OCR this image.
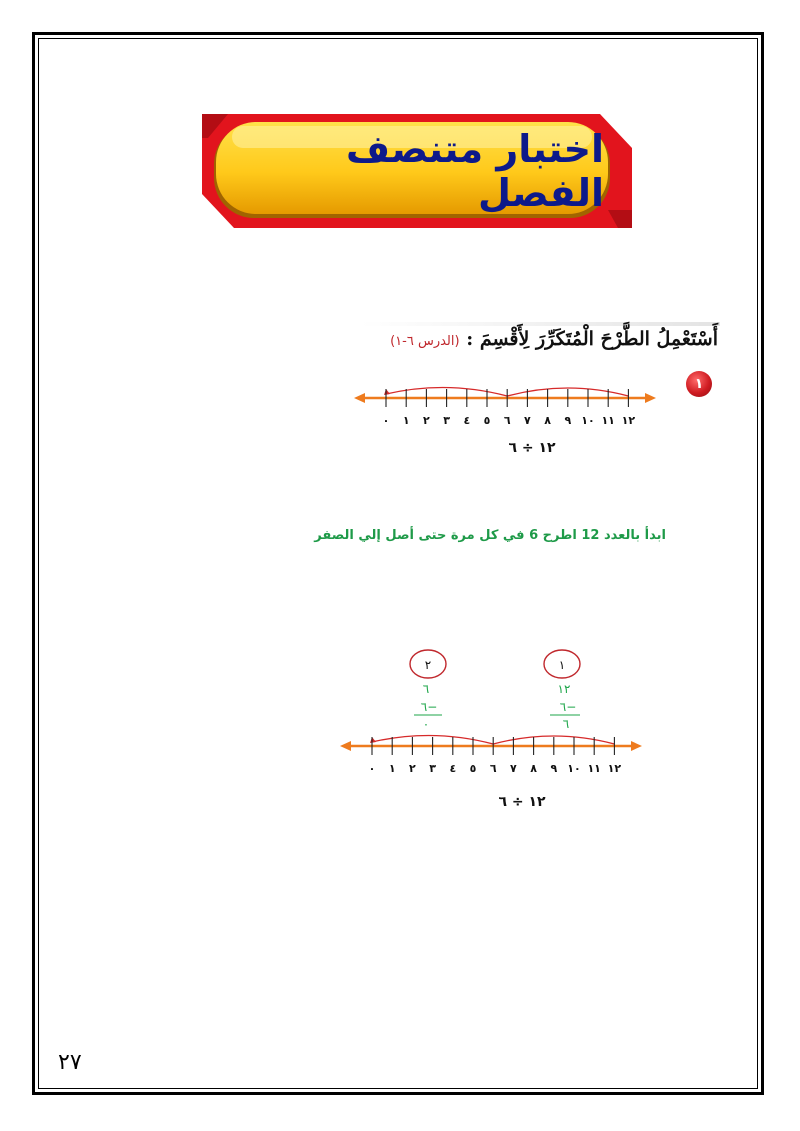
اختبار متنصف الفصل
أَسْتَعْمِلُ الطَّرْحَ الْمُتَكَرِّرَ لِأَقْسِمَ : (الدرس ٦-١)
١
٠ ١ ٢ ٣ ٤ ٥ ٦ ٧ ٨ ٩ ١٠ ١١ ١٢
١٢ ÷ ٦
ابدأ بالعدد 12 اطرح 6 في كل مرة حتى أصل إلي الصفر
٢
٦
٦−
٠
١
١٢
٦−
٦
٠ ١ ٢ ٣ ٤ ٥ ٦ ٧ ٨ ٩ ١٠ ١١ ١٢
١٢ ÷ ٦
٢٧
